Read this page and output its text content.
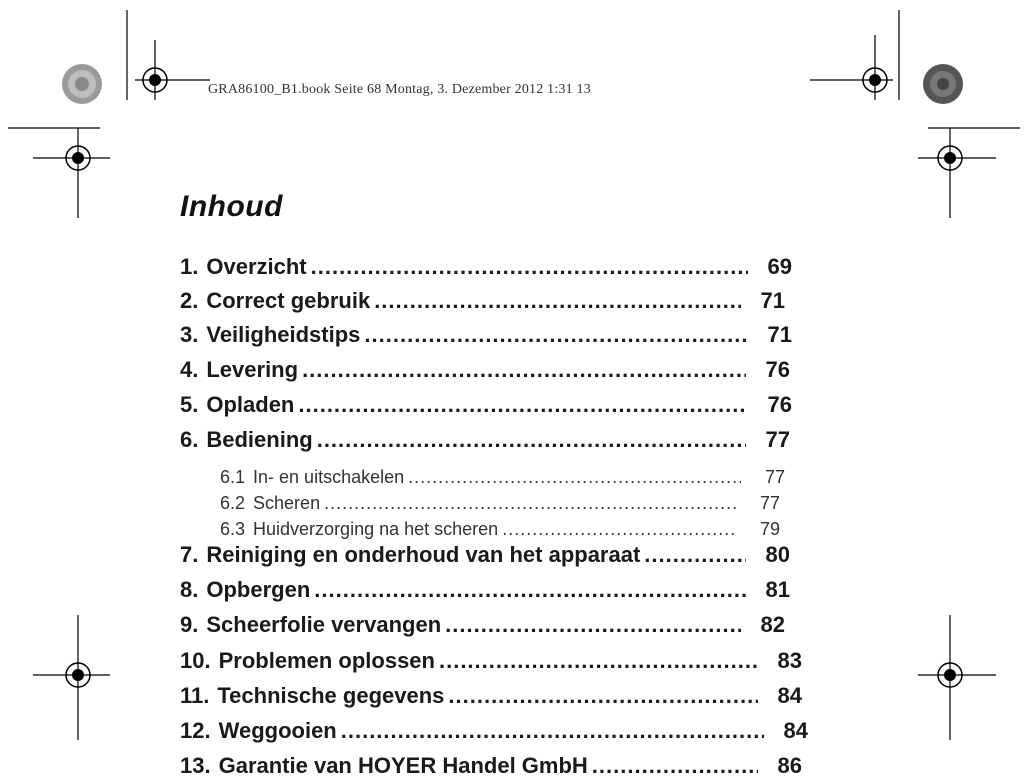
GRA86100_B1.book Seite 68 Montag, 3. Dezember 2012 1:31 13
Inhoud
1. Overzicht .....	69
2. Correct gebruik .....	71
3. Veiligheidstips .....	71
4. Levering .....	76
5. Opladen .....	76
6. Bediening .....	77
6.1 In- en uitschakelen .....	77
6.2 Scheren .....	77
6.3 Huidverzorging na het scheren .....	79
7. Reiniging en onderhoud van het apparaat .....	80
8. Opbergen .....	81
9. Scheerfolie vervangen .....	82
10. Problemen oplossen .....	83
11. Technische gegevens .....	84
12. Weggooien .....	84
13. Garantie van HOYER Handel GmbH .....	86
